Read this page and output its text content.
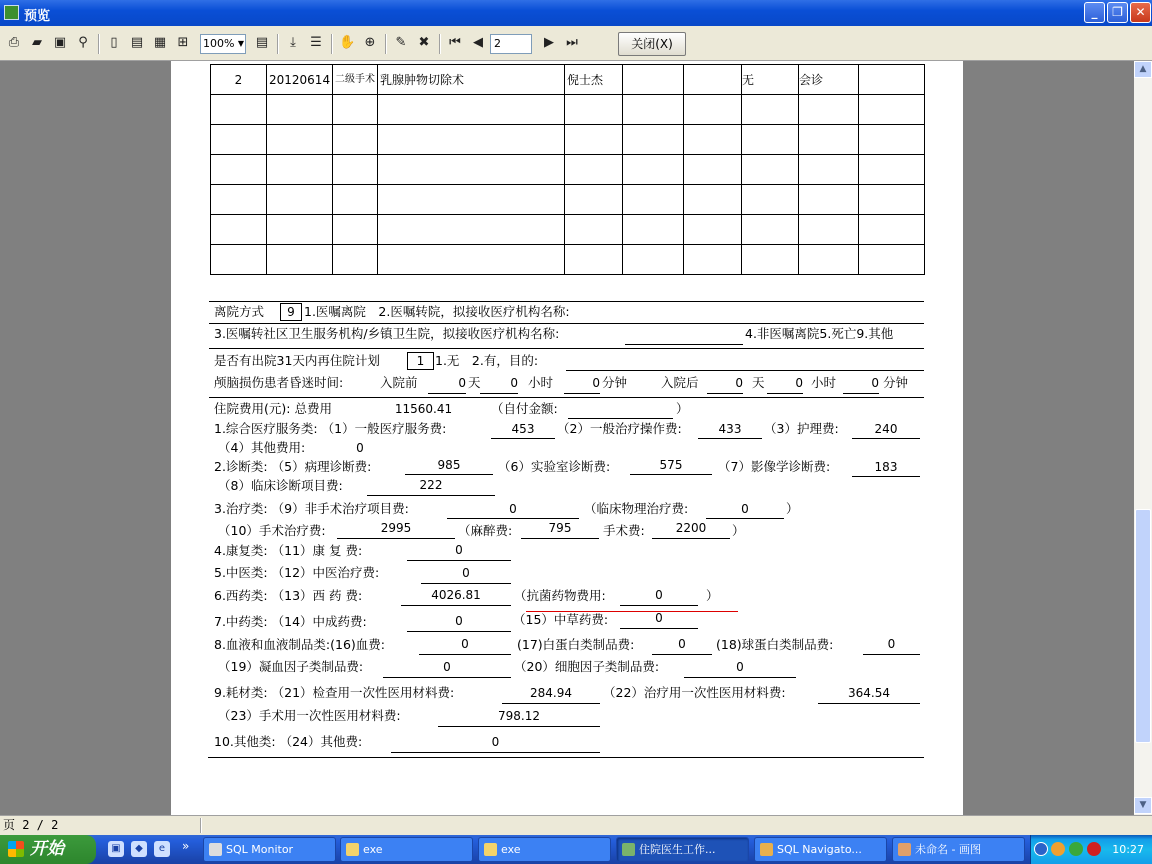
预览	_	❐	✕
⎙ ▰ ▣ ⚲	▯	▤ ▦ ⊞ 100% ▼ ▤	⤓	☰ ✋ ⊕ ✎ ✖ ⏮ ◀	2	▶ ⏭	关闭(X)
2	20120614	二级手术	乳腺肿物切除术	倪士杰			无	会诊	

离院方式	9 1.医嘱离院　2.医嘱转院，拟接收医疗机构名称:
3.医嘱转社区卫生服务机构/乡镇卫生院，拟接收医疗机构名称:	4.非医嘱离院5.死亡9.其他
是否有出院31天内再住院计划	1 1.无　2.有，目的:
颅脑损伤患者昏迷时间:	入院前	0 天	0 小时	0 分钟	入院后	0 天	0 小时	0 分钟
住院费用(元): 总费用	11560.41	（自付金额:	）
1.综合医疗服务类: （1）一般医疗服务费:	453	（2）一般治疗操作费:	433	（3）护理费:	240
（4）其他费用:	0
2.诊断类: （5）病理诊断费:	985	（6）实验室诊断费:	575	（7）影像学诊断费:	183
（8）临床诊断项目费:	222
3.治疗类: （9）非手术治疗项目费:	0	（临床物理治疗费:	0	）
（10）手术治疗费:	2995	（麻醉费:	795	手术费:	2200	）
4.康复类: （11）康 复 费:	0
5.中医类: （12）中医治疗费:	0
6.西药类: （13）西 药 费:	4026.81	（抗菌药物费用:	0	）
7.中药类: （14）中成药费:	0	（15）中草药费:	0
8.血液和血液制品类:(16)血费:	0	(17)白蛋白类制品费:	0	(18)球蛋白类制品费:	0
（19）凝血因子类制品费:	0	（20）细胞因子类制品费:	0
9.耗材类: （21）检查用一次性医用材料费:	284.94	（22）治疗用一次性医用材料费:	364.54
（23）手术用一次性医用材料费:	798.12
10.其他类: （24）其他费:	0
▲
▼
页 2 / 2
开始	▣	◆	e	»	SQL Monitor	exe	exe	住院医生工作...	SQL Navigato...	未命名 - 画图	10:27
